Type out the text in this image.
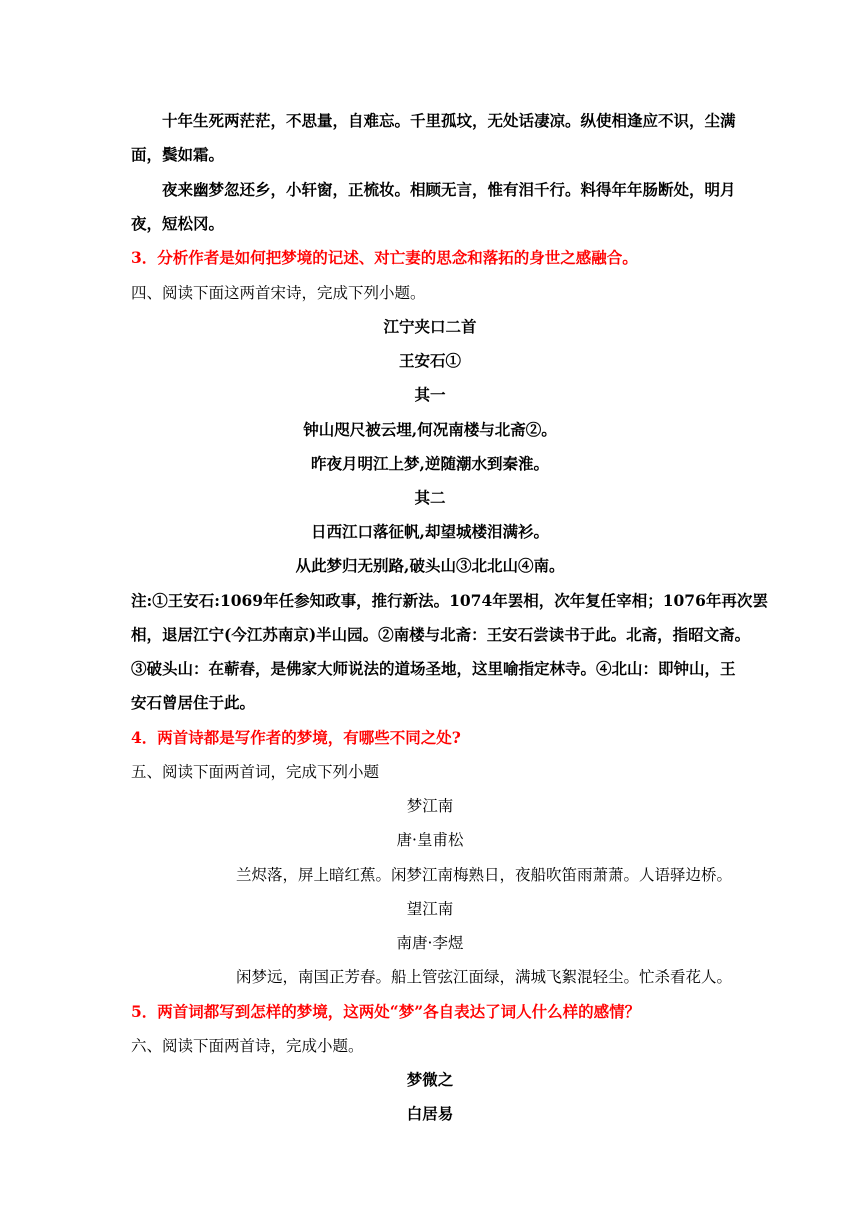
十年生死两茫茫，不思量，自难忘。千里孤坟，无处话凄凉。纵使相逢应不识，尘满
面，鬓如霜。
夜来幽梦忽还乡，小轩窗，正梳妆。相顾无言，惟有泪千行。料得年年肠断处，明月
夜，短松冈。
3．分析作者是如何把梦境的记述、对亡妻的思念和落拓的身世之感融合。
四、阅读下面这两首宋诗，完成下列小题。
江宁夹口二首
王安石①
其一
钟山咫尺被云埋,何况南楼与北斋②。
昨夜月明江上梦,逆随潮水到秦淮。
其二
日西江口落征帆,却望城楼泪满衫。
从此梦归无别路,破头山③北北山④南。
注:①王安石:1069年任参知政事，推行新法。1074年罢相，次年复任宰相；1076年再次罢
相，退居江宁(今江苏南京)半山园。②南楼与北斋：王安石尝读书于此。北斋，指昭文斋。
③破头山：在蕲春，是佛家大师说法的道场圣地，这里喻指定林寺。④北山：即钟山，王
安石曾居住于此。
4．两首诗都是写作者的梦境，有哪些不同之处?
五、阅读下面两首词，完成下列小题
梦江南
唐·皇甫松
兰烬落，屏上暗红蕉。闲梦江南梅熟日，夜船吹笛雨萧萧。人语驿边桥。
望江南
南唐·李煜
闲梦远，南国正芳春。船上管弦江面绿，满城飞絮混轻尘。忙杀看花人。
5．两首词都写到怎样的梦境，这两处“梦”各自表达了词人什么样的感情？
六、阅读下面两首诗，完成小题。
梦微之
白居易
